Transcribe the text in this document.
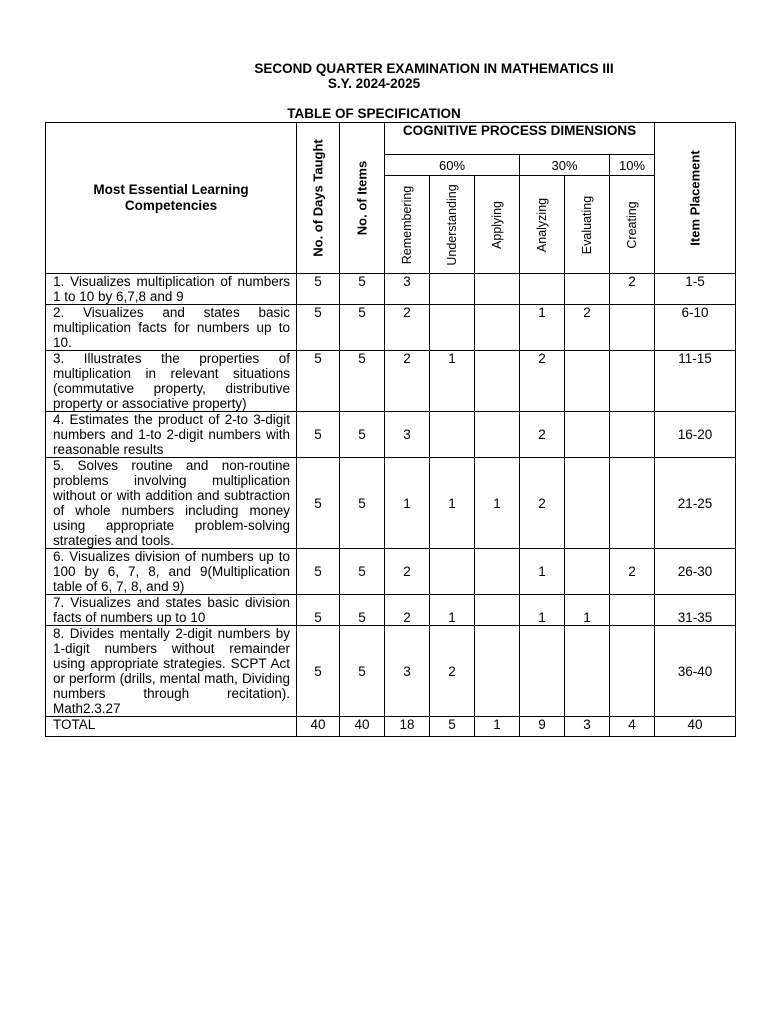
SECOND QUARTER EXAMINATION IN MATHEMATICS III
S.Y. 2024-2025
TABLE OF SPECIFICATION
Most Essential Learning Competencies	No. of Days Taught	No. of Items	COGNITIVE PROCESS DIMENSIONS						Item Placement

			60%			30%		10%	

			Remembering	Understanding	Applying	Analyzing	Evaluating	Creating	

1. Visualizes multiplication of numbers 1 to 10 by 6,7,8 and 9	5	5	3					2	1-5
2. Visualizes and states basic multiplication facts for numbers up to 10.	5	5	2			1	2		6-10
3. Illustrates the properties of multiplication in relevant situations (commutative property, distributive property or associative property)	5	5	2	1		2			11-15
4. Estimates the product of 2-to 3-digit numbers and 1-to 2-digit numbers with reasonable results	5	5	3			2			16-20
5. Solves routine and non-routine problems involving multiplication without or with addition and subtraction of whole numbers including money using appropriate problem-solving strategies and tools.	5	5	1	1	1	2			21-25
6. Visualizes division of numbers up to 100 by 6, 7, 8, and 9(Multiplication table of 6, 7, 8, and 9)	5	5	2			1		2	26-30
7. Visualizes and states basic division facts of numbers up to 10	5	5	2	1		1	1		31-35
8. Divides mentally 2-digit numbers by 1-digit numbers without remainder using appropriate strategies. SCPT Act or perform (drills, mental math, Dividing numbers through recitation). Math2.3.27	5	5	3	2					36-40
TOTAL	40	40	18	5	1	9	3	4	40
